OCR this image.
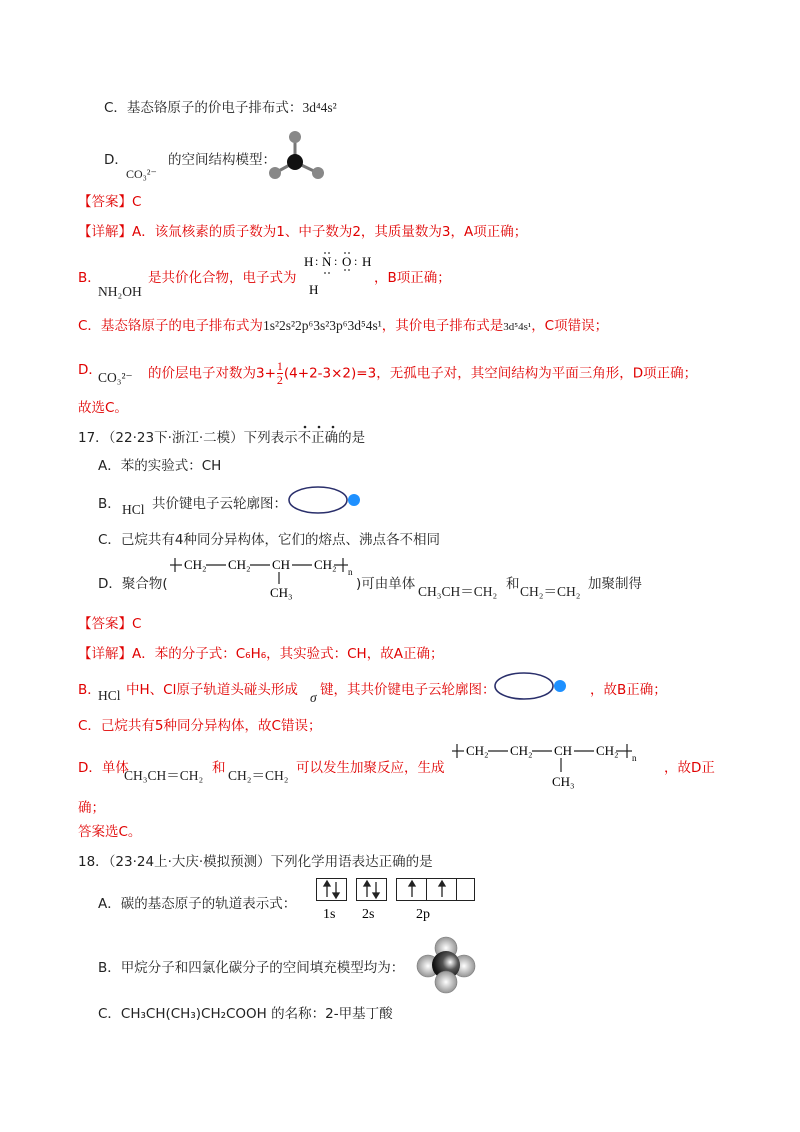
C．基态铬原子的价电子排布式：3d⁴4s²
D．
CO₃²⁻
的空间结构模型：
【答案】C
【详解】A．该氚核素的质子数为1、中子数为2，其质量数为3，A项正确；
B．
NH₂OH
是共价化合物，电子式为
H : N : O : H
H
，B项正确；
C．基态铬原子的电子排布式为1s²2s²2p⁶3s²3p⁶3d⁵4s¹，其价电子排布式是3d⁵4s¹，C项错误；
D．
CO₃²⁻ 的价层电子对数为$3+ \frac{1}{2} (4+2-3\times 2)=3$，无孤电子对，其空间结构为平面三角形，D项正确；
故选C。
17．（22·23下·浙江·二模）下列表示不正确的是
A．苯的实验式：CH
B． HCl 共价键电子云轮廓图：
C．己烷共有4种同分异构体，它们的熔点、沸点各不相同
D．聚合物(
CH₂ CH₂ CH
CH₃
CH₂ n
)可由单体 CH₃CH＝CH₂ 和 CH₂＝CH₂ 加聚制得
【答案】C
【详解】A．苯的分子式：C₆H₆，其实验式：CH，故A正确；
B．
HCl 中H、Cl原子轨道头碰头形成 σ 键，其共价键电子云轮廓图：	，故B正确；
C．己烷共有5种同分异构体，故C错误；
D．单体
CH₃CH＝CH₂ 和 CH₂＝CH₂ 可以发生加聚反应，生成
CH₂ CH₂ CH
CH₃
CH₂ n
，故D正
确；
答案选C。
18．（23·24上·大庆·模拟预测）下列化学用语表达正确的是
A．碳的基态原子的轨道表示式：
1s 2s	2p
B．甲烷分子和四氯化碳分子的空间填充模型均为：
C．CH₃CH(CH₃)CH₂COOH 的名称：2-甲基丁酸
